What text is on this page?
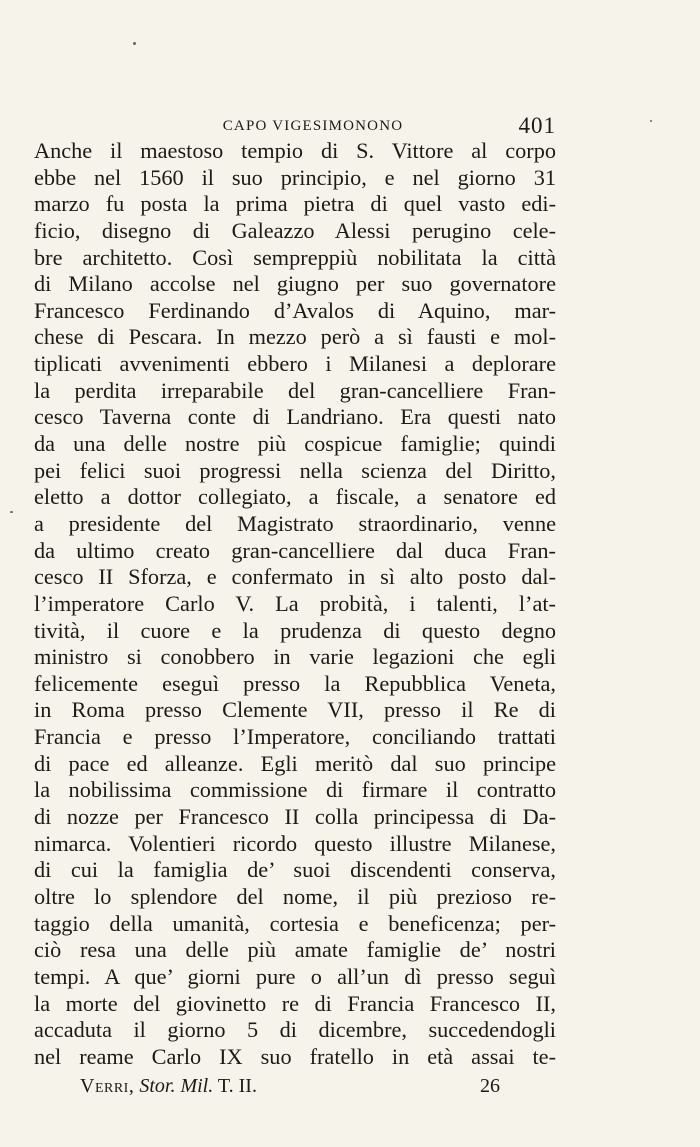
CAPO VIGESIMONONO	401
Anche il maestoso tempio di S. Vittore al corpo
ebbe nel 1560 il suo principio, e nel giorno 31
marzo fu posta la prima pietra di quel vasto edi-
ficio, disegno di Galeazzo Alessi perugino cele-
bre architetto. Così sempreppiù nobilitata la città
di Milano accolse nel giugno per suo governatore
Francesco Ferdinando d’Avalos di Aquino, mar-
chese di Pescara. In mezzo però a sì fausti e mol-
tiplicati avvenimenti ebbero i Milanesi a deplorare
la perdita irreparabile del gran-cancelliere Fran-
cesco Taverna conte di Landriano. Era questi nato
da una delle nostre più cospicue famiglie; quindi
pei felici suoi progressi nella scienza del Diritto,
eletto a dottor collegiato, a fiscale, a senatore ed
a presidente del Magistrato straordinario, venne
da ultimo creato gran-cancelliere dal duca Fran-
cesco II Sforza, e confermato in sì alto posto dal-
l’imperatore Carlo V. La probità, i talenti, l’at-
tività, il cuore e la prudenza di questo degno
ministro si conobbero in varie legazioni che egli
felicemente eseguì presso la Repubblica Veneta,
in Roma presso Clemente VII, presso il Re di
Francia e presso l’Imperatore, conciliando trattati
di pace ed alleanze. Egli meritò dal suo principe
la nobilissima commissione di firmare il contratto
di nozze per Francesco II colla principessa di Da-
nimarca. Volentieri ricordo questo illustre Milanese,
di cui la famiglia de’ suoi discendenti conserva,
oltre lo splendore del nome, il più prezioso re-
taggio della umanità, cortesia e beneficenza; per-
ciò resa una delle più amate famiglie de’ nostri
tempi. A que’ giorni pure o all’un dì presso seguì
la morte del giovinetto re di Francia Francesco II,
accaduta il giorno 5 di dicembre, succedendogli
nel reame Carlo IX suo fratello in età assai te-
Verri, Stor. Mil. T. II.	26
